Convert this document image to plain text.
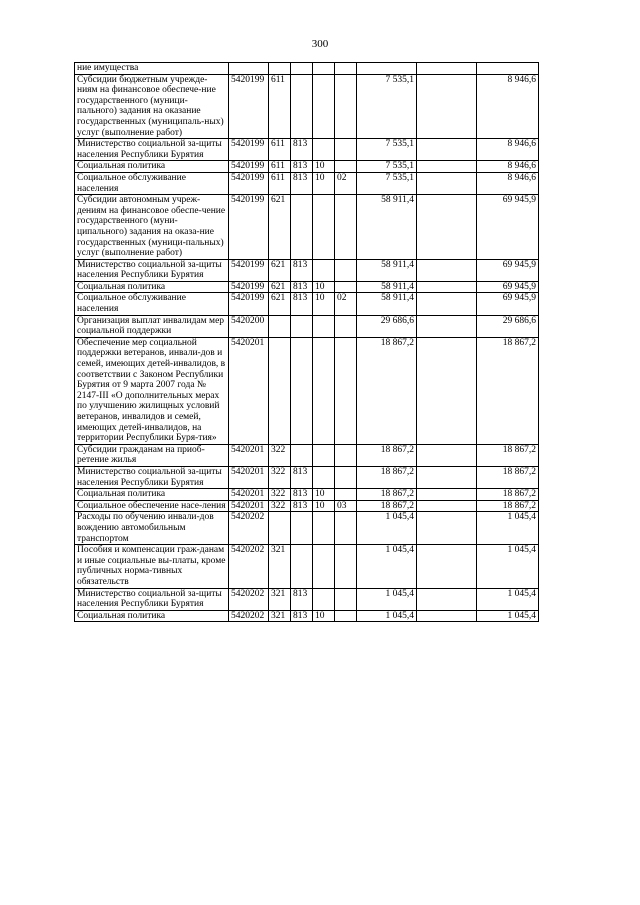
300
ние имущества								
Субсидии бюджетным учрежде-ниям на финансовое обеспече-ние государственного (муници-пального) задания на оказание государственных (муниципаль-ных) услуг (выполнение работ)	5420199	611				7 535,1		8 946,6
Министерство социальной за-щиты населения Республики Бурятия	5420199	611	813			7 535,1		8 946,6
Социальная политика	5420199	611	813	10		7 535,1		8 946,6
Социальное обслуживание населения	5420199	611	813	10	02	7 535,1		8 946,6
Субсидии автономным учреж-дениям на финансовое обеспе-чение государственного (муни-ципального) задания на оказа-ние государственных (муници-пальных) услуг (выполнение работ)	5420199	621				58 911,4		69 945,9
Министерство социальной за-щиты населения Республики Бурятия	5420199	621	813			58 911,4		69 945,9
Социальная политика	5420199	621	813	10		58 911,4		69 945,9
Социальное обслуживание населения	5420199	621	813	10	02	58 911,4		69 945,9
Организация выплат инвалидам мер социальной поддержки	5420200					29 686,6		29 686,6
Обеспечение мер социальной поддержки ветеранов, инвали-дов и семей, имеющих детей-инвалидов, в соответствии с Законом Республики Бурятия от 9 марта 2007 года № 2147-III «О дополнительных мерах по улучшению жилищных условий ветеранов, инвалидов и семей, имеющих детей-инвалидов, на территории Республики Буря-тия»	5420201					18 867,2		18 867,2
Субсидии гражданам на приоб-ретение жилья	5420201	322				18 867,2		18 867,2
Министерство социальной за-щиты населения Республики Бурятия	5420201	322	813			18 867,2		18 867,2
Социальная политика	5420201	322	813	10		18 867,2		18 867,2
Социальное обеспечение насе-ления	5420201	322	813	10	03	18 867,2		18 867,2
Расходы по обучению инвали-дов вождению автомобильным транспортом	5420202					1 045,4		1 045,4
Пособия и компенсации граж-данам и иные социальные вы-платы, кроме публичных норма-тивных обязательств	5420202	321				1 045,4		1 045,4
Министерство социальной за-щиты населения Республики Бурятия	5420202	321	813			1 045,4		1 045,4
Социальная политика	5420202	321	813	10		1 045,4		1 045,4
